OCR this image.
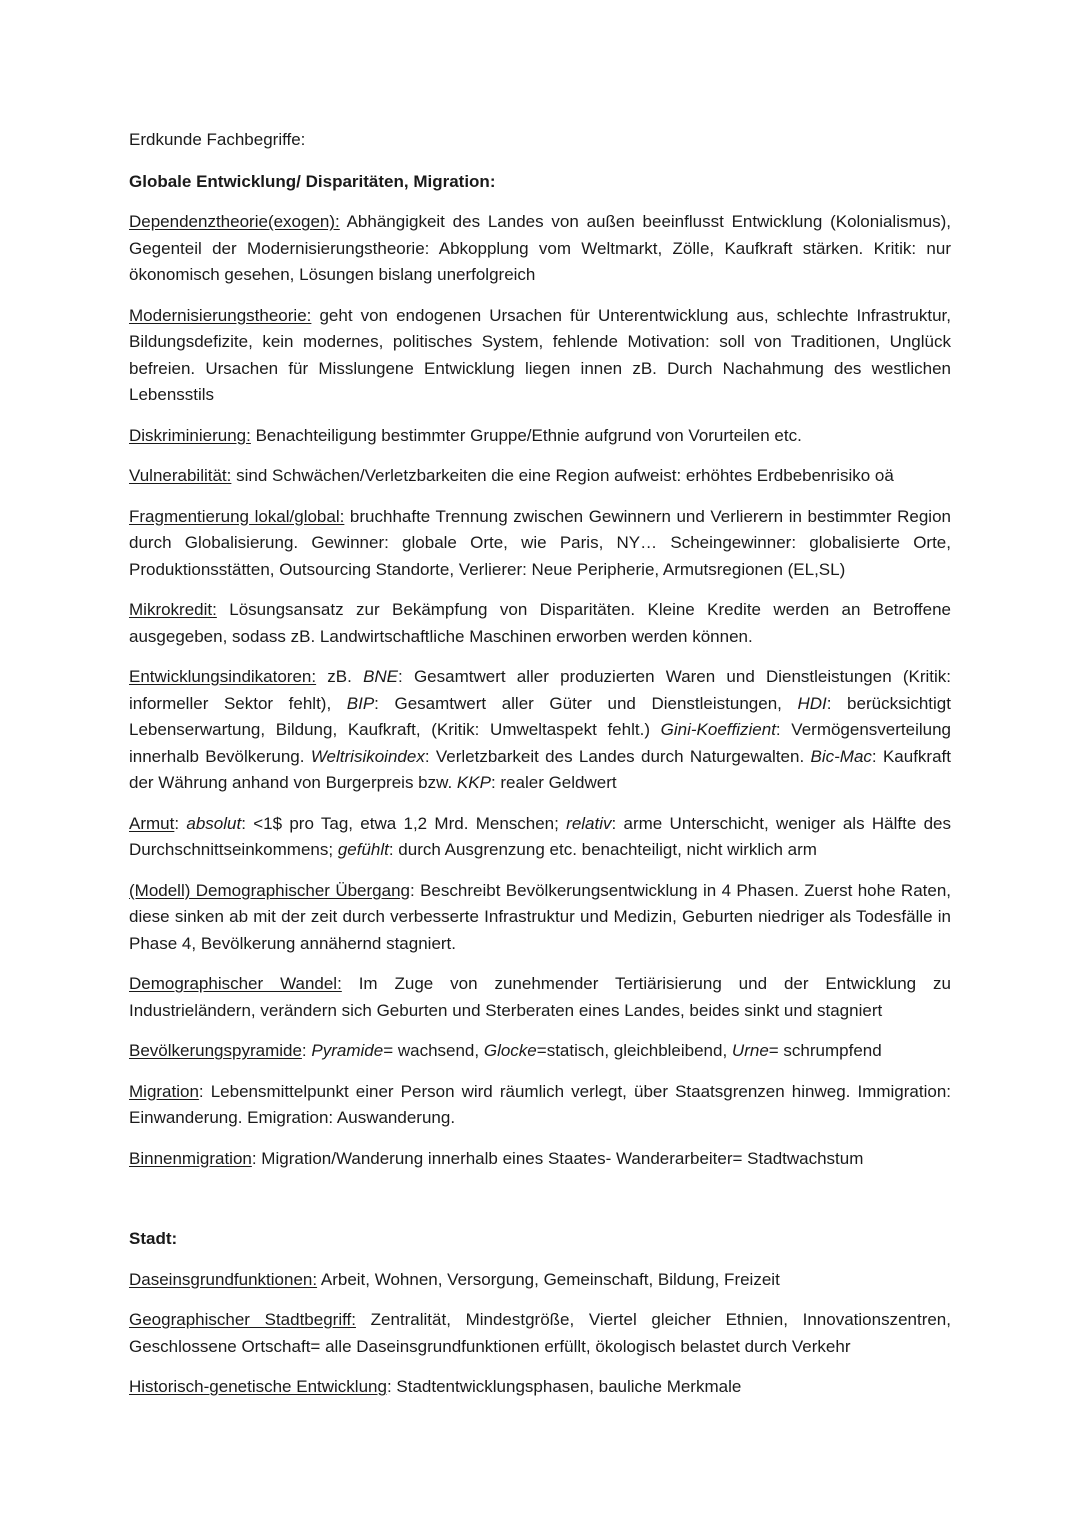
Erdkunde Fachbegriffe:

Globale Entwicklung/ Disparitäten, Migration:

Dependenztheorie(exogen): Abhängigkeit des Landes von außen beeinflusst Entwicklung (Kolonialismus), Gegenteil der Modernisierungstheorie: Abkopplung vom Weltmarkt, Zölle, Kaufkraft stärken. Kritik: nur ökonomisch gesehen, Lösungen bislang unerfolgreich

Modernisierungstheorie: geht von endogenen Ursachen für Unterentwicklung aus, schlechte Infrastruktur, Bildungsdefizite, kein modernes, politisches System, fehlende Motivation: soll von Traditionen, Unglück befreien. Ursachen für Misslungene Entwicklung liegen innen zB. Durch Nachahmung des westlichen Lebensstils

Diskriminierung: Benachteiligung bestimmter Gruppe/Ethnie aufgrund von Vorurteilen etc.

Vulnerabilität: sind Schwächen/Verletzbarkeiten die eine Region aufweist: erhöhtes Erdbebenrisiko oä

Fragmentierung lokal/global: bruchhafte Trennung zwischen Gewinnern und Verlierern in bestimmter Region durch Globalisierung. Gewinner: globale Orte, wie Paris, NY… Scheingewinner: globalisierte Orte, Produktionsstätten, Outsourcing Standorte, Verlierer: Neue Peripherie, Armutsregionen (EL,SL)

Mikrokredit: Lösungsansatz zur Bekämpfung von Disparitäten. Kleine Kredite werden an Betroffene ausgegeben, sodass zB. Landwirtschaftliche Maschinen erworben werden können.

Entwicklungsindikatoren: zB. BNE: Gesamtwert aller produzierten Waren und Dienstleistungen (Kritik: informeller Sektor fehlt), BIP: Gesamtwert aller Güter und Dienstleistungen, HDI: berücksichtigt Lebenserwartung, Bildung, Kaufkraft, (Kritik: Umweltaspekt fehlt.) Gini-Koeffizient: Vermögensverteilung innerhalb Bevölkerung. Weltrisikoindex: Verletzbarkeit des Landes durch Naturgewalten. Bic-Mac: Kaufkraft der Währung anhand von Burgerpreis bzw. KKP: realer Geldwert

Armut: absolut: <1$ pro Tag, etwa 1,2 Mrd. Menschen; relativ: arme Unterschicht, weniger als Hälfte des Durchschnittseinkommens; gefühlt: durch Ausgrenzung etc. benachteiligt, nicht wirklich arm

(Modell) Demographischer Übergang: Beschreibt Bevölkerungsentwicklung in 4 Phasen. Zuerst hohe Raten, diese sinken ab mit der zeit durch verbesserte Infrastruktur und Medizin, Geburten niedriger als Todesfälle in Phase 4, Bevölkerung annähernd stagniert.

Demographischer Wandel: Im Zuge von zunehmender Tertiärisierung und der Entwicklung zu Industrieländern, verändern sich Geburten und Sterberaten eines Landes, beides sinkt und stagniert

Bevölkerungspyramide: Pyramide= wachsend, Glocke=statisch, gleichbleibend, Urne= schrumpfend

Migration: Lebensmittelpunkt einer Person wird räumlich verlegt, über Staatsgrenzen hinweg. Immigration: Einwanderung. Emigration: Auswanderung.

Binnenmigration: Migration/Wanderung innerhalb eines Staates- Wanderarbeiter= Stadtwachstum

Stadt:

Daseinsgrundfunktionen: Arbeit, Wohnen, Versorgung, Gemeinschaft, Bildung, Freizeit

Geographischer Stadtbegriff: Zentralität, Mindestgröße, Viertel gleicher Ethnien, Innovationszentren, Geschlossene Ortschaft= alle Daseinsgrundfunktionen erfüllt, ökologisch belastet durch Verkehr

Historisch-genetische Entwicklung: Stadtentwicklungsphasen, bauliche Merkmale
